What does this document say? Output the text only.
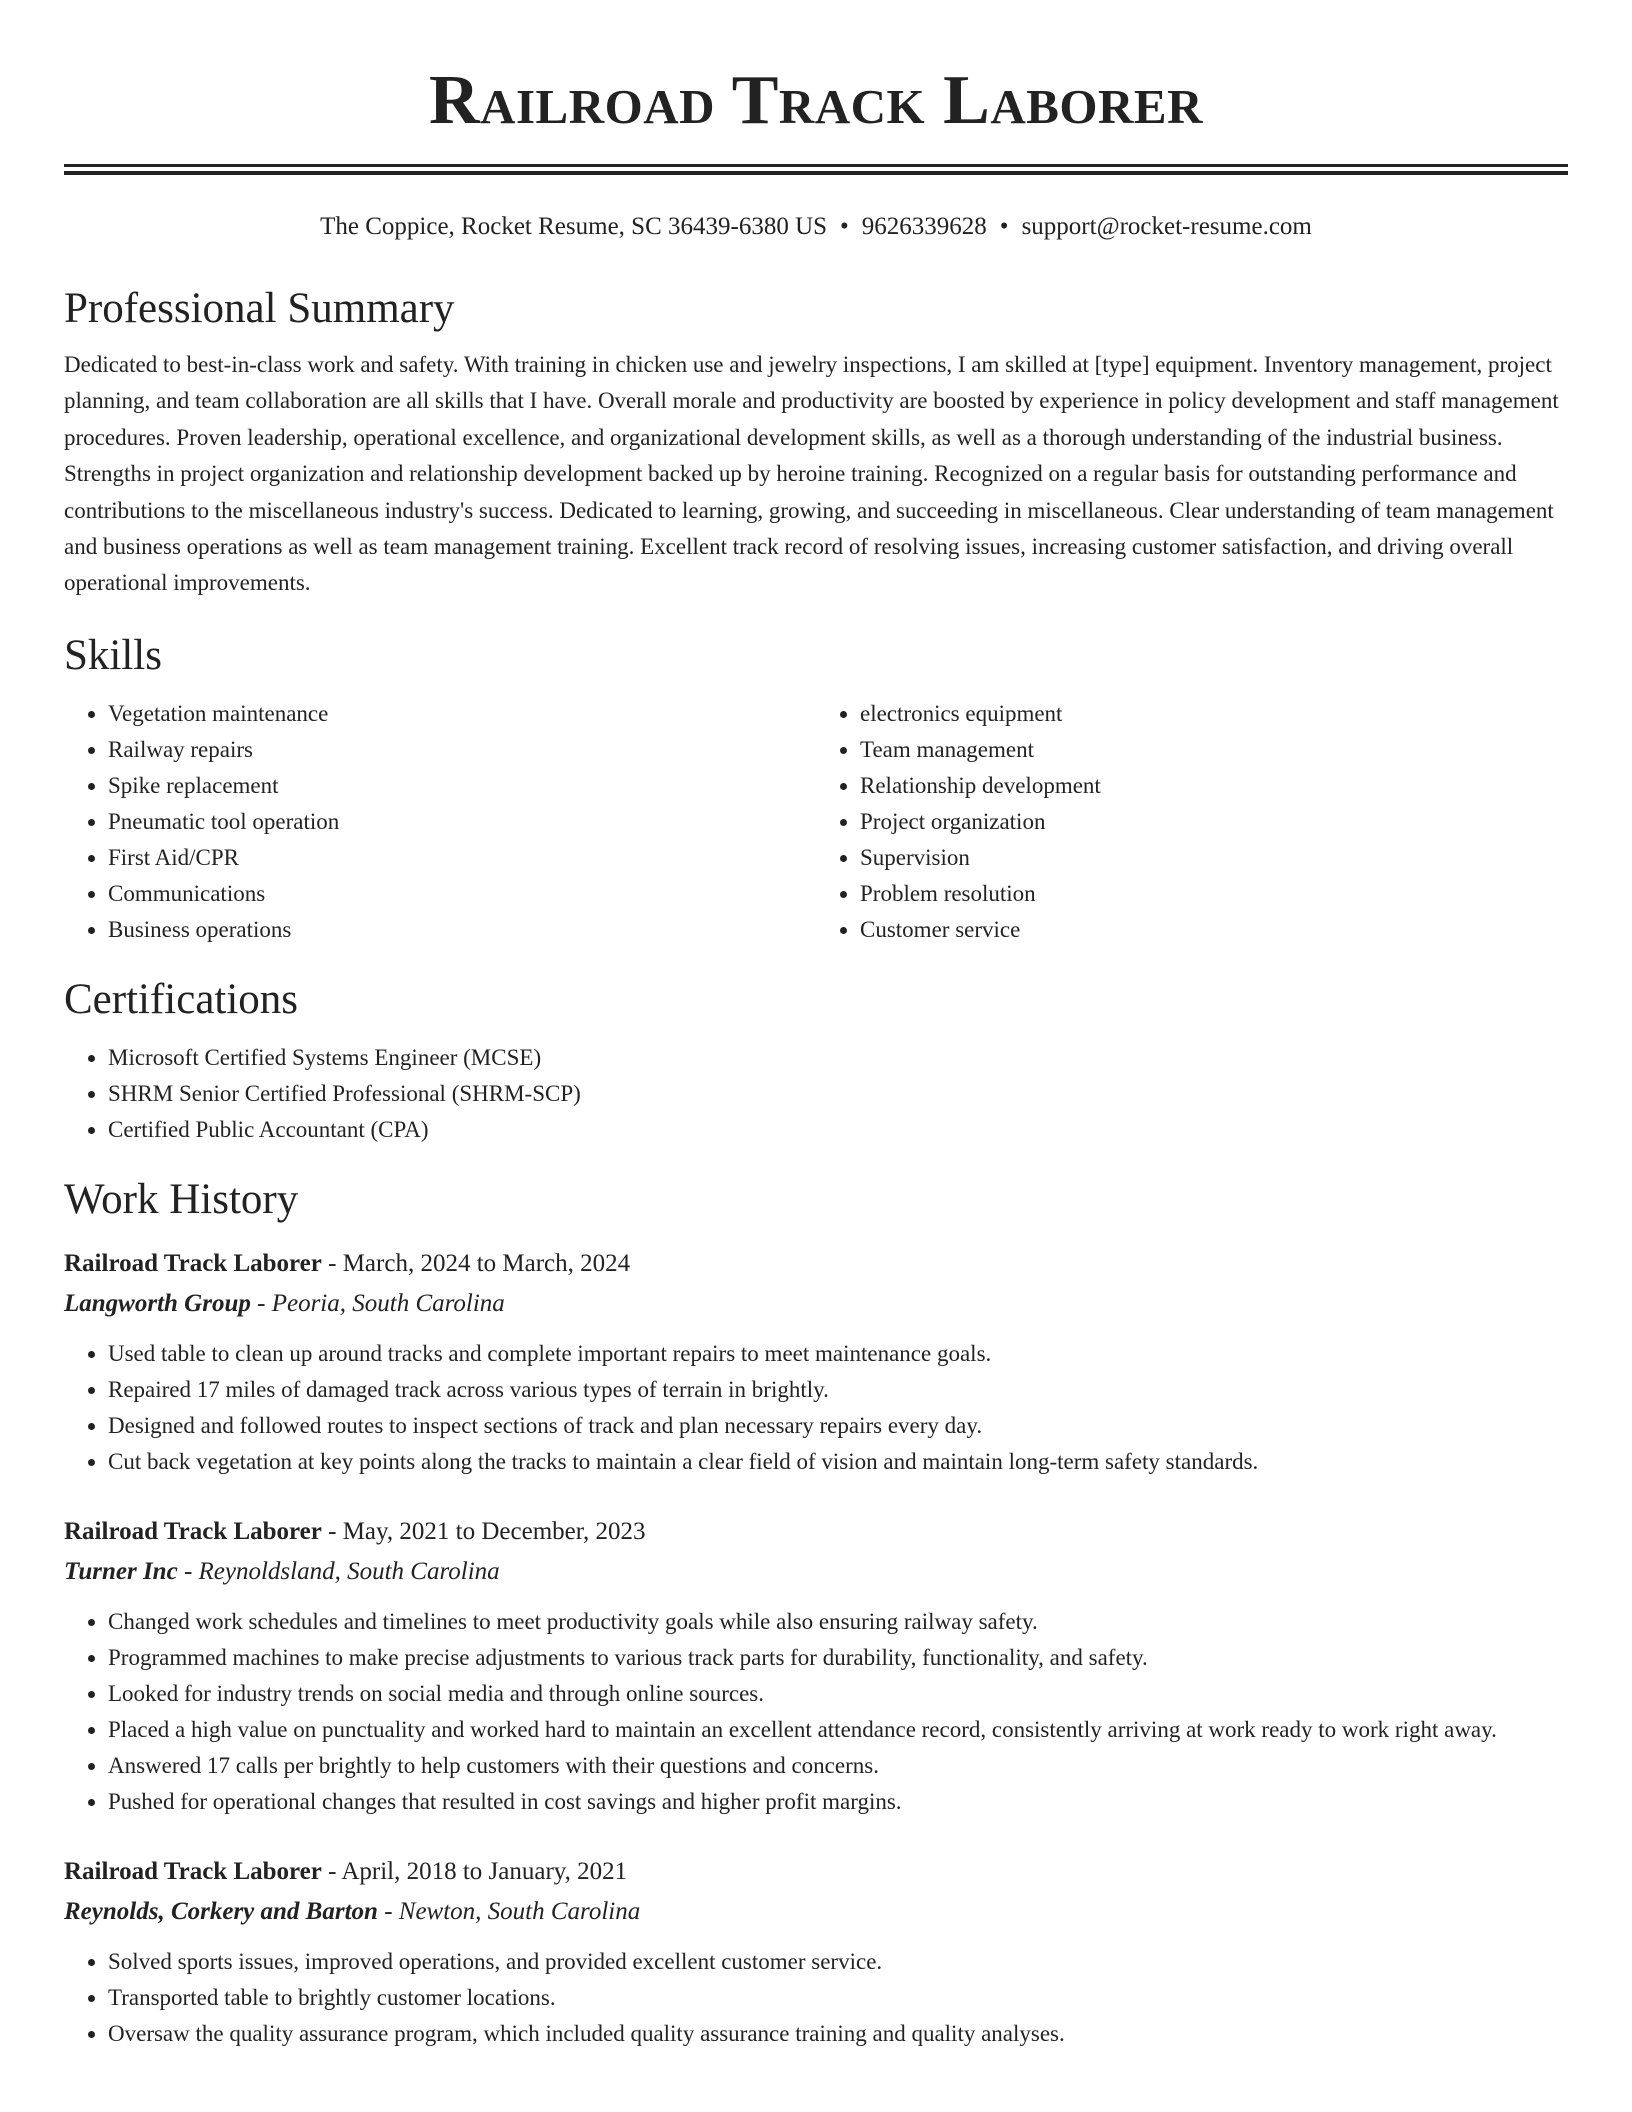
Railroad Track Laborer
The Coppice, Rocket Resume, SC 36439-6380 US • 9626339628 • support@rocket-resume.com
Professional Summary

Dedicated to best-in-class work and safety. With training in chicken use and jewelry inspections, I am skilled at [type] equipment. Inventory management, project planning, and team collaboration are all skills that I have. Overall morale and productivity are boosted by experience in policy development and staff management procedures. Proven leadership, operational excellence, and organizational development skills, as well as a thorough understanding of the industrial business. Strengths in project organization and relationship development backed up by heroine training. Recognized on a regular basis for outstanding performance and contributions to the miscellaneous industry's success. Dedicated to learning, growing, and succeeding in miscellaneous. Clear understanding of team management and business operations as well as team management training. Excellent track record of resolving issues, increasing customer satisfaction, and driving overall operational improvements.

Skills
• Vegetation maintenance
• Railway repairs
• Spike replacement
• Pneumatic tool operation
• First Aid/CPR
• Communications
• Business operations
• electronics equipment
• Team management
• Relationship development
• Project organization
• Supervision
• Problem resolution
• Customer service
Certifications
• Microsoft Certified Systems Engineer (MCSE)
• SHRM Senior Certified Professional (SHRM-SCP)
• Certified Public Accountant (CPA)
Work History
Railroad Track Laborer - March, 2024 to March, 2024
Langworth Group - Peoria, South Carolina
• Used table to clean up around tracks and complete important repairs to meet maintenance goals.
• Repaired 17 miles of damaged track across various types of terrain in brightly.
• Designed and followed routes to inspect sections of track and plan necessary repairs every day.
• Cut back vegetation at key points along the tracks to maintain a clear field of vision and maintain long-term safety standards.
Railroad Track Laborer - May, 2021 to December, 2023
Turner Inc - Reynoldsland, South Carolina
• Changed work schedules and timelines to meet productivity goals while also ensuring railway safety.
• Programmed machines to make precise adjustments to various track parts for durability, functionality, and safety.
• Looked for industry trends on social media and through online sources.
• Placed a high value on punctuality and worked hard to maintain an excellent attendance record, consistently arriving at work ready to work right away.
• Answered 17 calls per brightly to help customers with their questions and concerns.
• Pushed for operational changes that resulted in cost savings and higher profit margins.
Railroad Track Laborer - April, 2018 to January, 2021
Reynolds, Corkery and Barton - Newton, South Carolina
• Solved sports issues, improved operations, and provided excellent customer service.
• Transported table to brightly customer locations.
• Oversaw the quality assurance program, which included quality assurance training and quality analyses.
